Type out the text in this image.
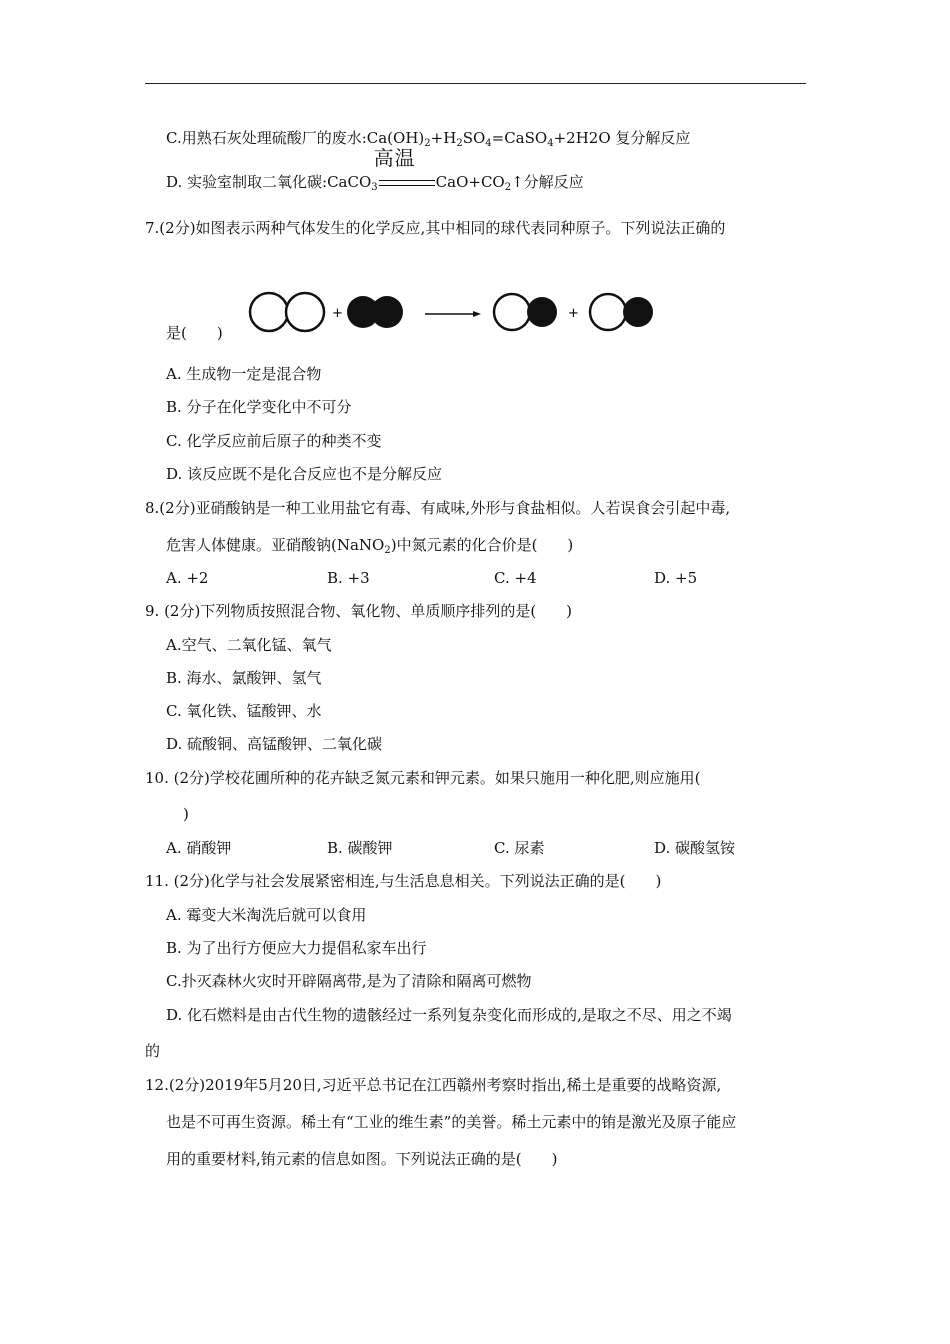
C.用熟石灰处理硫酸厂的废水$:Ca(OH)_2+H_2SO_4=CaSO_4+2H2O$ 复分解反应
D. 实验室制取二氧化碳:CaCO$_3$
高温
$CaO+CO_2↑$分解反应
7.(2分)如图表示两种气体发生的化学反应,其中相同的球代表同种原子。下列说法正确的
+	+
是(　　)
A. 生成物一定是混合物
B. 分子在化学变化中不可分
C. 化学反应前后原子的种类不变
D. 该反应既不是化合反应也不是分解反应
8.(2分)亚硝酸钠是一种工业用盐它有毒、有咸味,外形与食盐相似。人若误食会引起中毒,
危害人体健康。亚硝酸钠(NaNO$_2$)中氮元素的化合价是(　　)
A. +2	B. +3	C. +4	D. +5
9. (2分)下列物质按照混合物、氧化物、单质顺序排列的是(　　)
A.空气、二氧化锰、氧气
B. 海水、氯酸钾、氢气
C. 氧化铁、锰酸钾、水
D. 硫酸铜、高锰酸钾、二氧化碳
10. (2分)学校花圃所种的花卉缺乏氮元素和钾元素。如果只施用一种化肥,则应施用(
)
A. 硝酸钾	B. 碳酸钾	C. 尿素	D. 碳酸氢铵
11. (2分)化学与社会发展紧密相连,与生活息息相关。下列说法正确的是(　　)
A. 霉变大米淘洗后就可以食用
B. 为了出行方便应大力提倡私家车出行
C.扑灭森林火灾时开辟隔离带,是为了清除和隔离可燃物
D. 化石燃料是由古代生物的遗骸经过一系列复杂变化而形成的,是取之不尽、用之不竭
的
12.(2分)2019年5月20日,习近平总书记在江西赣州考察时指出,稀土是重要的战略资源,
也是不可再生资源。稀土有“工业的维生素”的美誉。稀土元素中的铕是激光及原子能应
用的重要材料,铕元素的信息如图。下列说法正确的是(　　)
